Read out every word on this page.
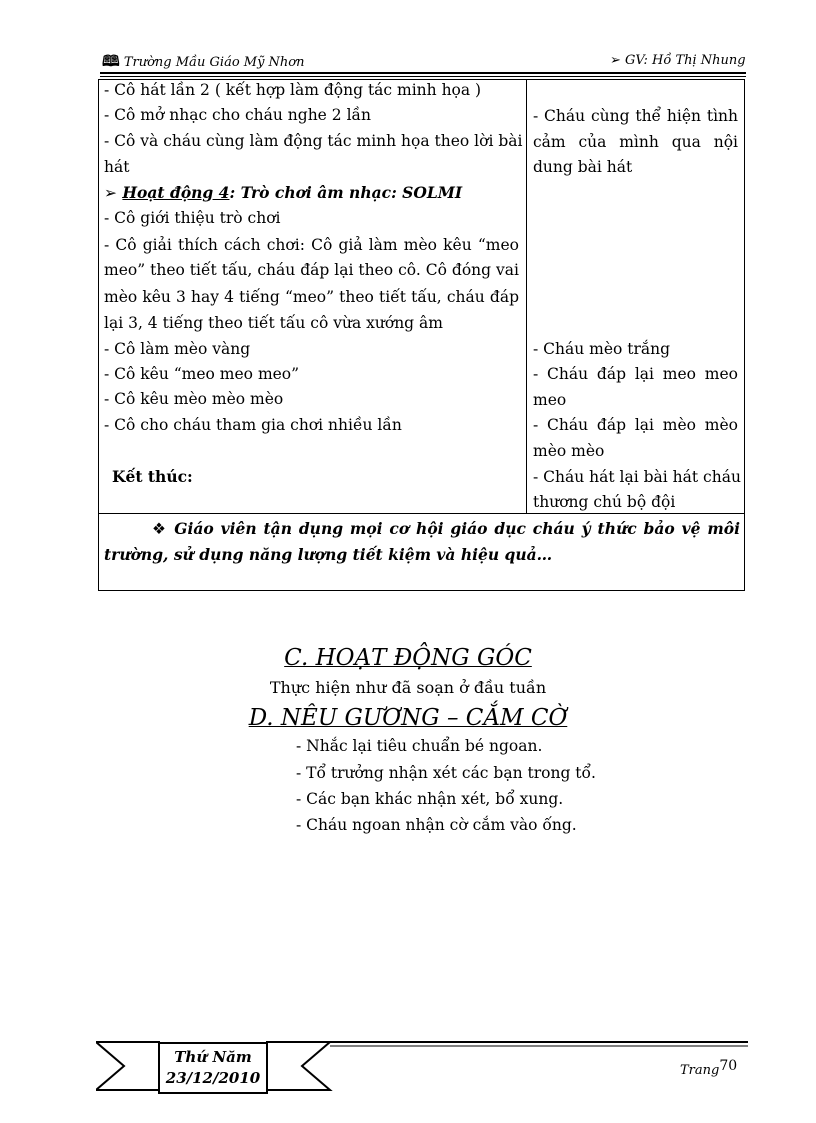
🕮 Trường Mầu Giáo Mỹ Nhơn	➢ GV: Hồ Thị Nhung
- Cô hát lần 2 ( kết hợp làm động tác minh họa )
- Cô mở nhạc cho cháu nghe 2 lần
- Cô và cháu cùng làm động tác minh họa theo lời bài
hát
➢ Hoạt động 4: Trò chơi âm nhạc: SOLMI
- Cô giới thiệu trò chơi
- Cô giải thích cách chơi: Cô giả làm mèo kêu “meo
meo” theo tiết tấu, cháu đáp lại theo cô. Cô đóng vai
mèo kêu 3 hay 4 tiếng “meo” theo tiết tấu, cháu đáp
lại 3, 4 tiếng theo tiết tấu cô vừa xướng âm
- Cô làm mèo vàng
- Cô kêu “meo meo meo”
- Cô kêu mèo mèo mèo
- Cô cho cháu tham gia chơi nhiều lần
Kết thúc:
- Cháu cùng thể hiện tình
cảm của mình qua nội
dung bài hát
- Cháu mèo trắng
- Cháu đáp lại meo meo
meo
- Cháu đáp lại mèo mèo
mèo mèo
- Cháu hát lại bài hát cháu
thương chú bộ đội
❖ Giáo viên tận dụng mọi cơ hội giáo dục cháu ý thức bảo vệ môi
trường, sử dụng năng lượng tiết kiệm và hiệu quả…
C. HOẠT ĐỘNG GÓC
Thực hiện như đã soạn ở đầu tuần
D. NÊU GƯƠNG – CẮM CỜ
- Nhắc lại tiêu chuẩn bé ngoan.
- Tổ trưởng nhận xét các bạn trong tổ.
- Các bạn khác nhận xét, bổ xung.
- Cháu ngoan nhận cờ cắm vào ống.
Thứ Năm
23/12/2010	Trang70
